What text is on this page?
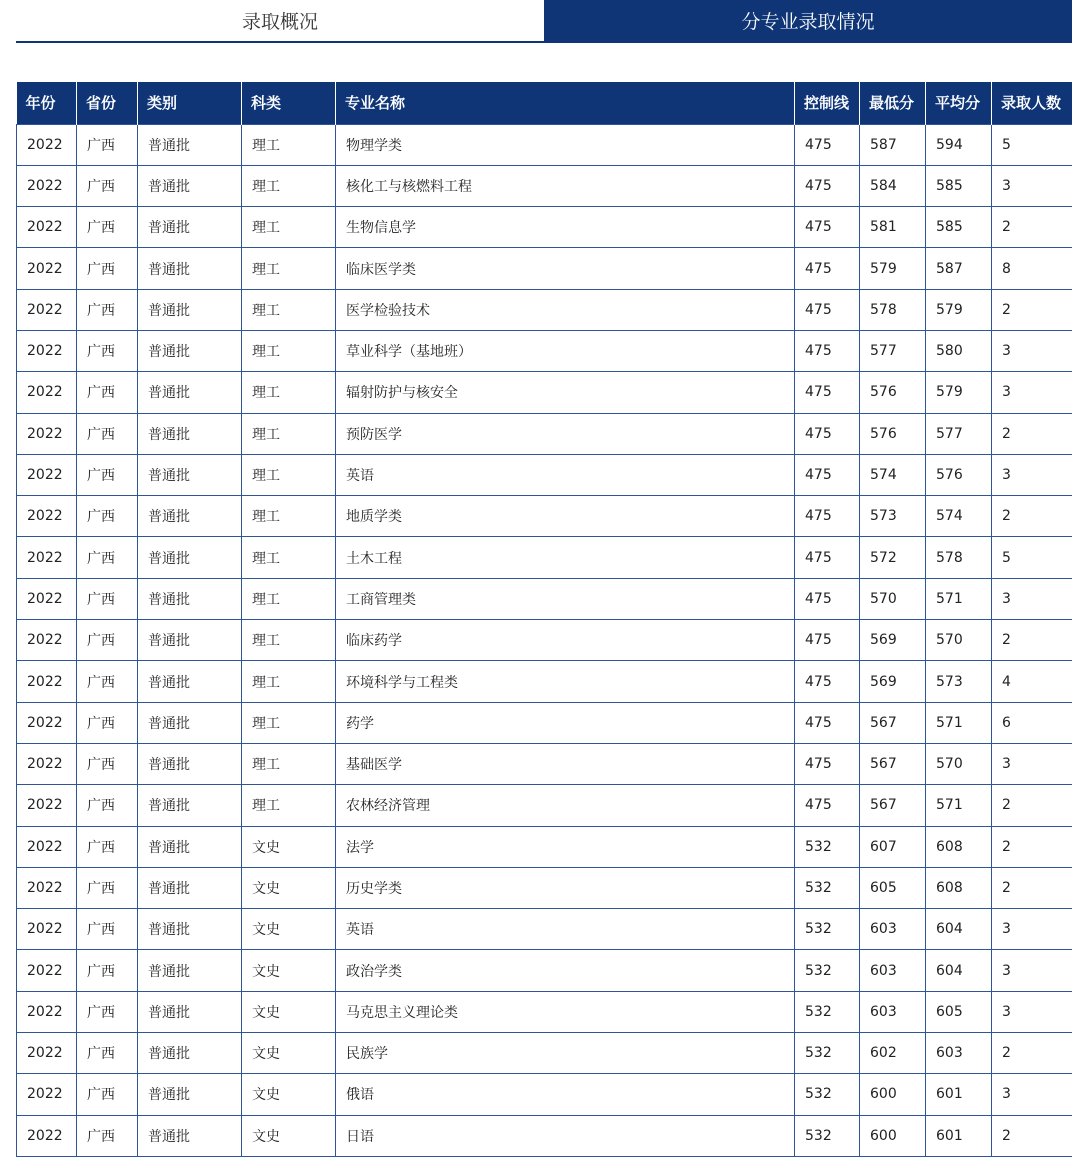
录取概况	分专业录取情况
年份	省份	类别	科类	专业名称	控制线	最低分	平均分	录取人数
2022	广西	普通批	理工	物理学类	475	587	594	5
2022	广西	普通批	理工	核化工与核燃料工程	475	584	585	3
2022	广西	普通批	理工	生物信息学	475	581	585	2
2022	广西	普通批	理工	临床医学类	475	579	587	8
2022	广西	普通批	理工	医学检验技术	475	578	579	2
2022	广西	普通批	理工	草业科学（基地班）	475	577	580	3
2022	广西	普通批	理工	辐射防护与核安全	475	576	579	3
2022	广西	普通批	理工	预防医学	475	576	577	2
2022	广西	普通批	理工	英语	475	574	576	3
2022	广西	普通批	理工	地质学类	475	573	574	2
2022	广西	普通批	理工	土木工程	475	572	578	5
2022	广西	普通批	理工	工商管理类	475	570	571	3
2022	广西	普通批	理工	临床药学	475	569	570	2
2022	广西	普通批	理工	环境科学与工程类	475	569	573	4
2022	广西	普通批	理工	药学	475	567	571	6
2022	广西	普通批	理工	基础医学	475	567	570	3
2022	广西	普通批	理工	农林经济管理	475	567	571	2
2022	广西	普通批	文史	法学	532	607	608	2
2022	广西	普通批	文史	历史学类	532	605	608	2
2022	广西	普通批	文史	英语	532	603	604	3
2022	广西	普通批	文史	政治学类	532	603	604	3
2022	广西	普通批	文史	马克思主义理论类	532	603	605	3
2022	广西	普通批	文史	民族学	532	602	603	2
2022	广西	普通批	文史	俄语	532	600	601	3
2022	广西	普通批	文史	日语	532	600	601	2
